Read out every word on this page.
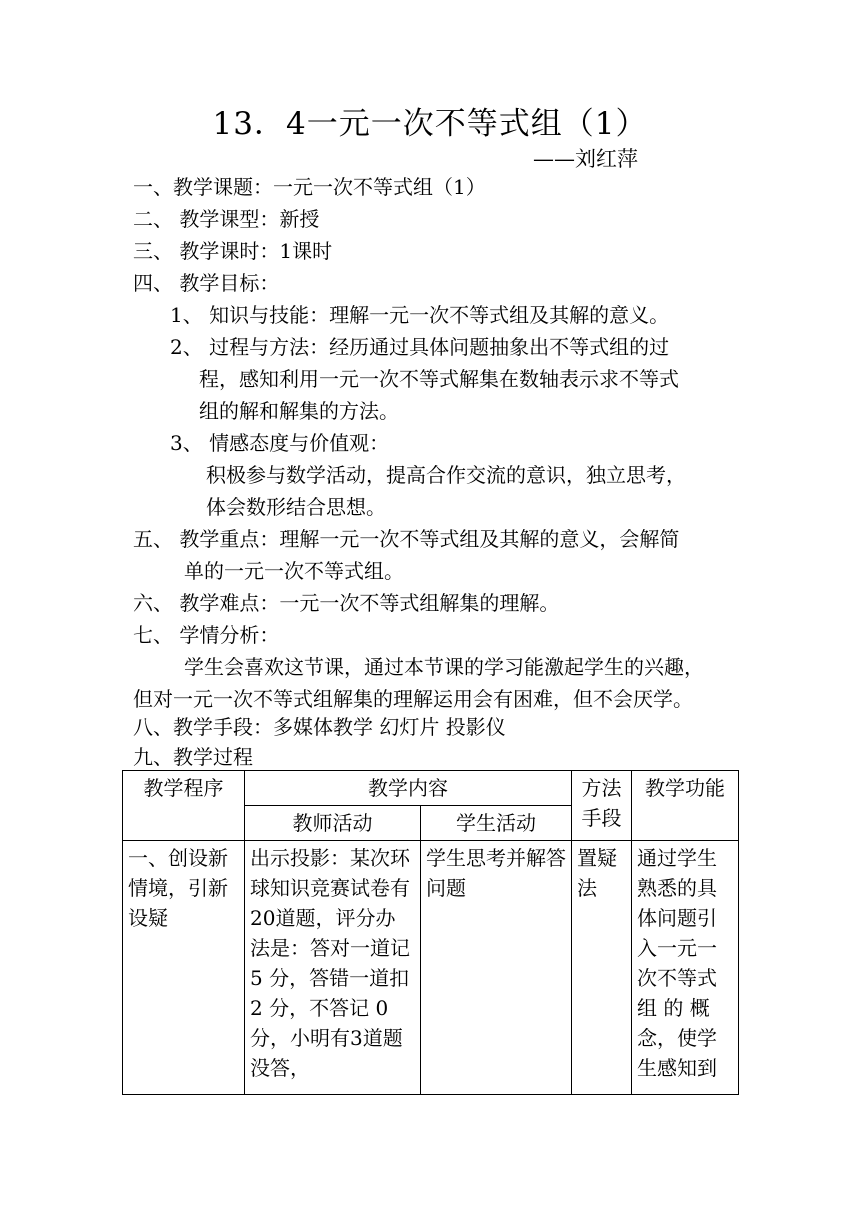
13．4一元一次不等式组（1）
——刘红萍
一、教学课题：一元一次不等式组（1）
二、 教学课型：新授
三、 教学课时：1课时
四、 教学目标：
1、 知识与技能：理解一元一次不等式组及其解的意义。
2、 过程与方法：经历通过具体问题抽象出不等式组的过
程，感知利用一元一次不等式解集在数轴表示求不等式
组的解和解集的方法。
3、 情感态度与价值观：
积极参与数学活动，提高合作交流的意识，独立思考，
体会数形结合思想。
五、 教学重点：理解一元一次不等式组及其解的意义，会解简
单的一元一次不等式组。
六、 教学难点：一元一次不等式组解集的理解。
七、 学情分析：
学生会喜欢这节课，通过本节课的学习能激起学生的兴趣，
但对一元一次不等式组解集的理解运用会有困难，但不会厌学。
八、教学手段：多媒体教学 幻灯片 投影仪
九、教学过程
教学程序	教学内容		方法手段	教学功能

	教师活动	学生活动		

一、创设新情境，引新设疑	出示投影：某次环球知识竞赛试卷有20道题，评分办法是：答对一道记 5 分，答错一道扣 2 分，不答记 0 分，小明有3道题没答，	学生思考并解答问题	置疑法	通过学生熟悉的具体问题引入一元一次不等式组 的 概念，使学生感知到
